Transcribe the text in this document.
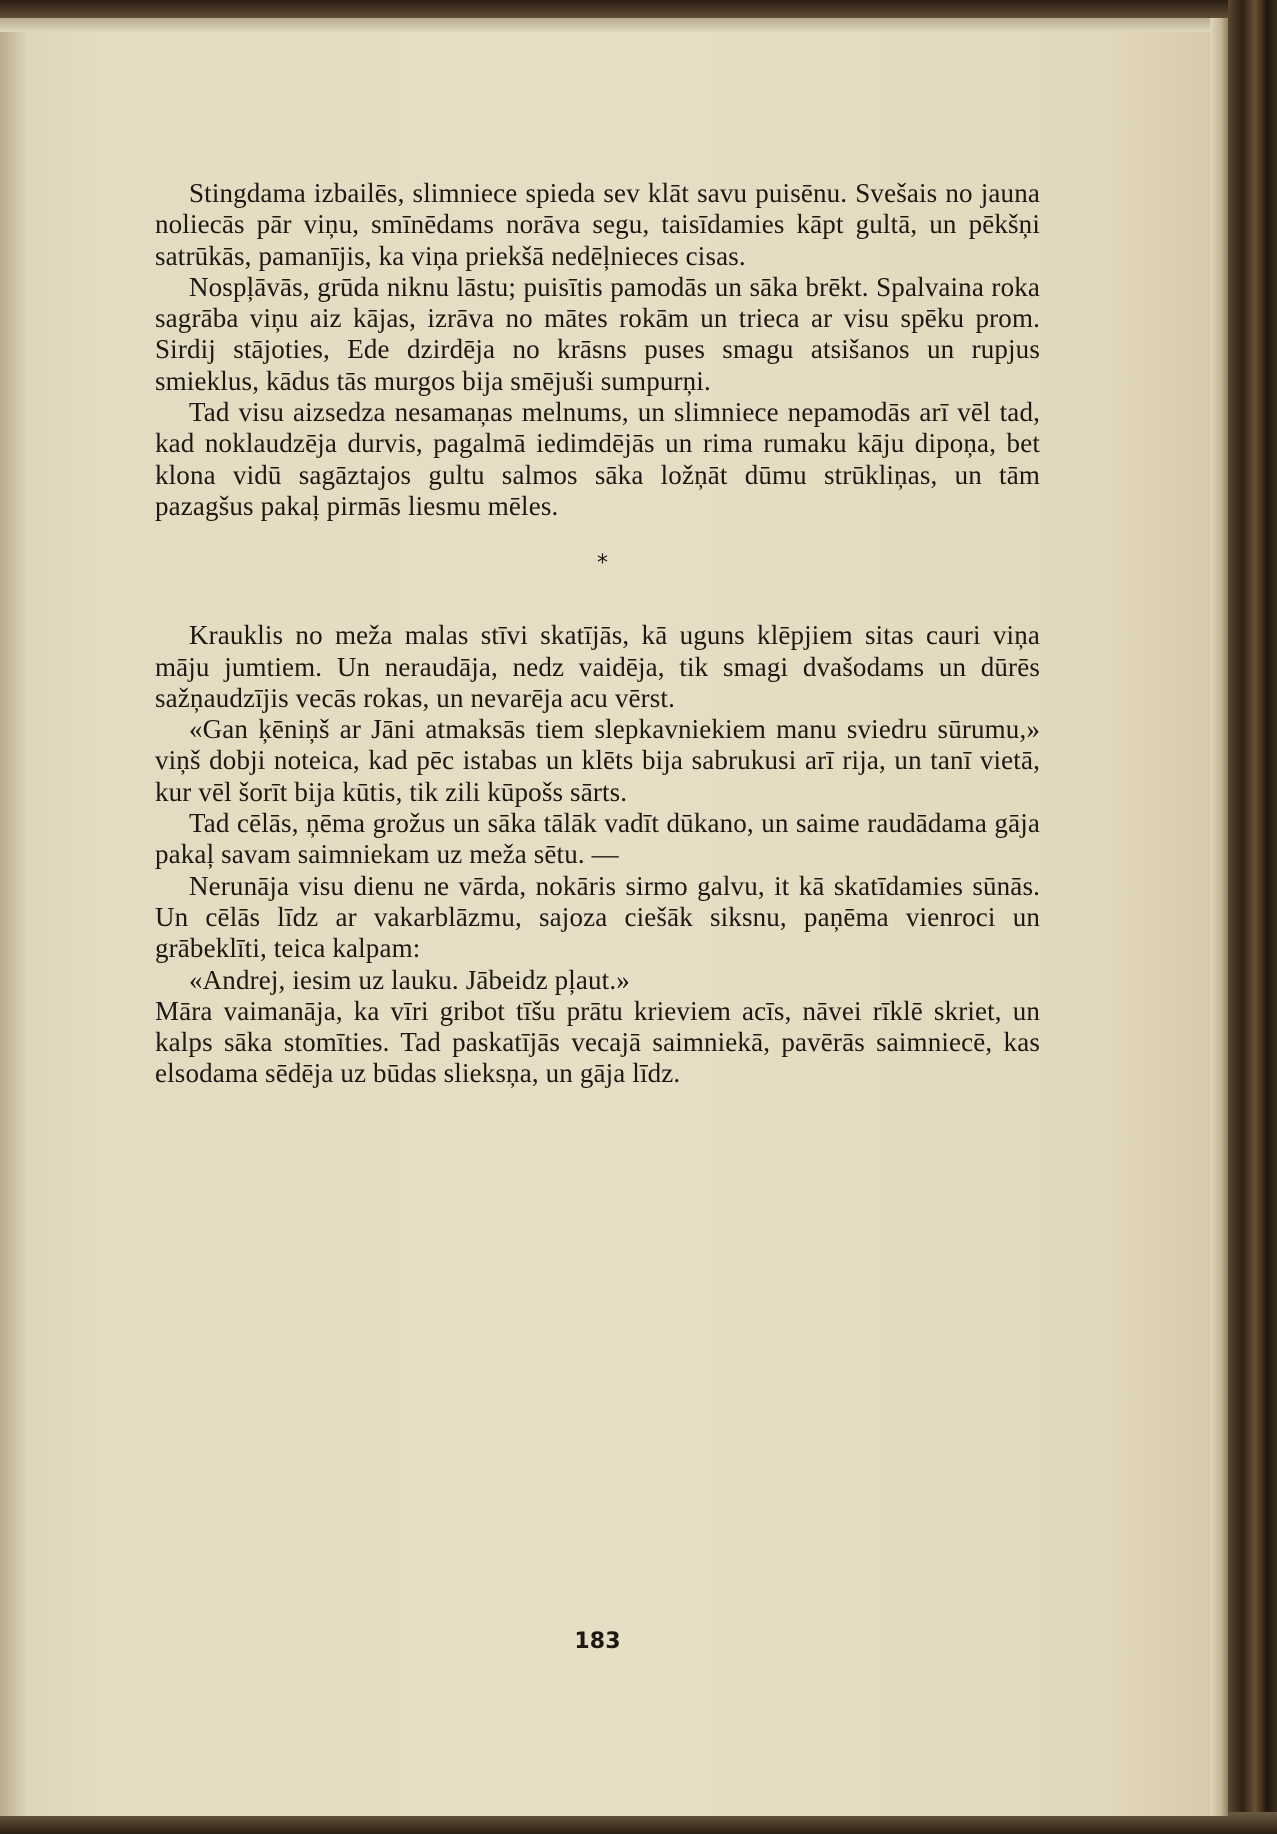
Stingdama izbailēs, slimniece spieda sev klāt savu puisēnu. Svešais no jauna noliecās pār viņu, smīnēdams norāva segu, taisīdamies kāpt gultā, un pēkšņi satrūkās, pamanījis, ka viņa priekšā nedēļnieces cisas.

Nospļāvās, grūda niknu lāstu; puisītis pamodās un sāka brēkt. Spalvaina roka sagrāba viņu aiz kājas, izrāva no mātes rokām un trieca ar visu spēku prom. Sirdij stājoties, Ede dzirdēja no krāsns puses smagu atsišanos un rupjus smieklus, kādus tās murgos bija smējuši sumpurņi.

Tad visu aizsedza nesamaņas melnums, un slimniece nepamodās arī vēl tad, kad noklaudzēja durvis, pagalmā iedimdējās un rima rumaku kāju dipoņa, bet klona vidū sagāztajos gultu salmos sāka ložņāt dūmu strūkliņas, un tām pazagšus pakaļ pirmās liesmu mēles.

*

Krauklis no meža malas stīvi skatījās, kā uguns klēpjiem sitas cauri viņa māju jumtiem. Un neraudāja, nedz vaidēja, tik smagi dvašodams un dūrēs sažņaudzījis vecās rokas, un nevarēja acu vērst.

«Gan ķēniņš ar Jāni atmaksās tiem slepkavniekiem manu sviedru sūrumu,» viņš dobji noteica, kad pēc istabas un klēts bija sabrukusi arī rija, un tanī vietā, kur vēl šorīt bija kūtis, tik zili kūpošs sārts.

Tad cēlās, ņēma grožus un sāka tālāk vadīt dūkano, un saime raudādama gāja pakaļ savam saimniekam uz meža sētu. —

Nerunāja visu dienu ne vārda, nokāris sirmo galvu, it kā skatīdamies sūnās. Un cēlās līdz ar vakarblāzmu, sajoza ciešāk siksnu, paņēma vienroci un grābeklīti, teica kalpam:

«Andrej, iesim uz lauku. Jābeidz pļaut.»

Māra vaimanāja, ka vīri gribot tīšu prātu krieviem acīs, nāvei rīklē skriet, un kalps sāka stomīties. Tad paskatījās vecajā saimniekā, pavērās saimniecē, kas elsodama sēdēja uz būdas slieksņa, un gāja līdz.

183
